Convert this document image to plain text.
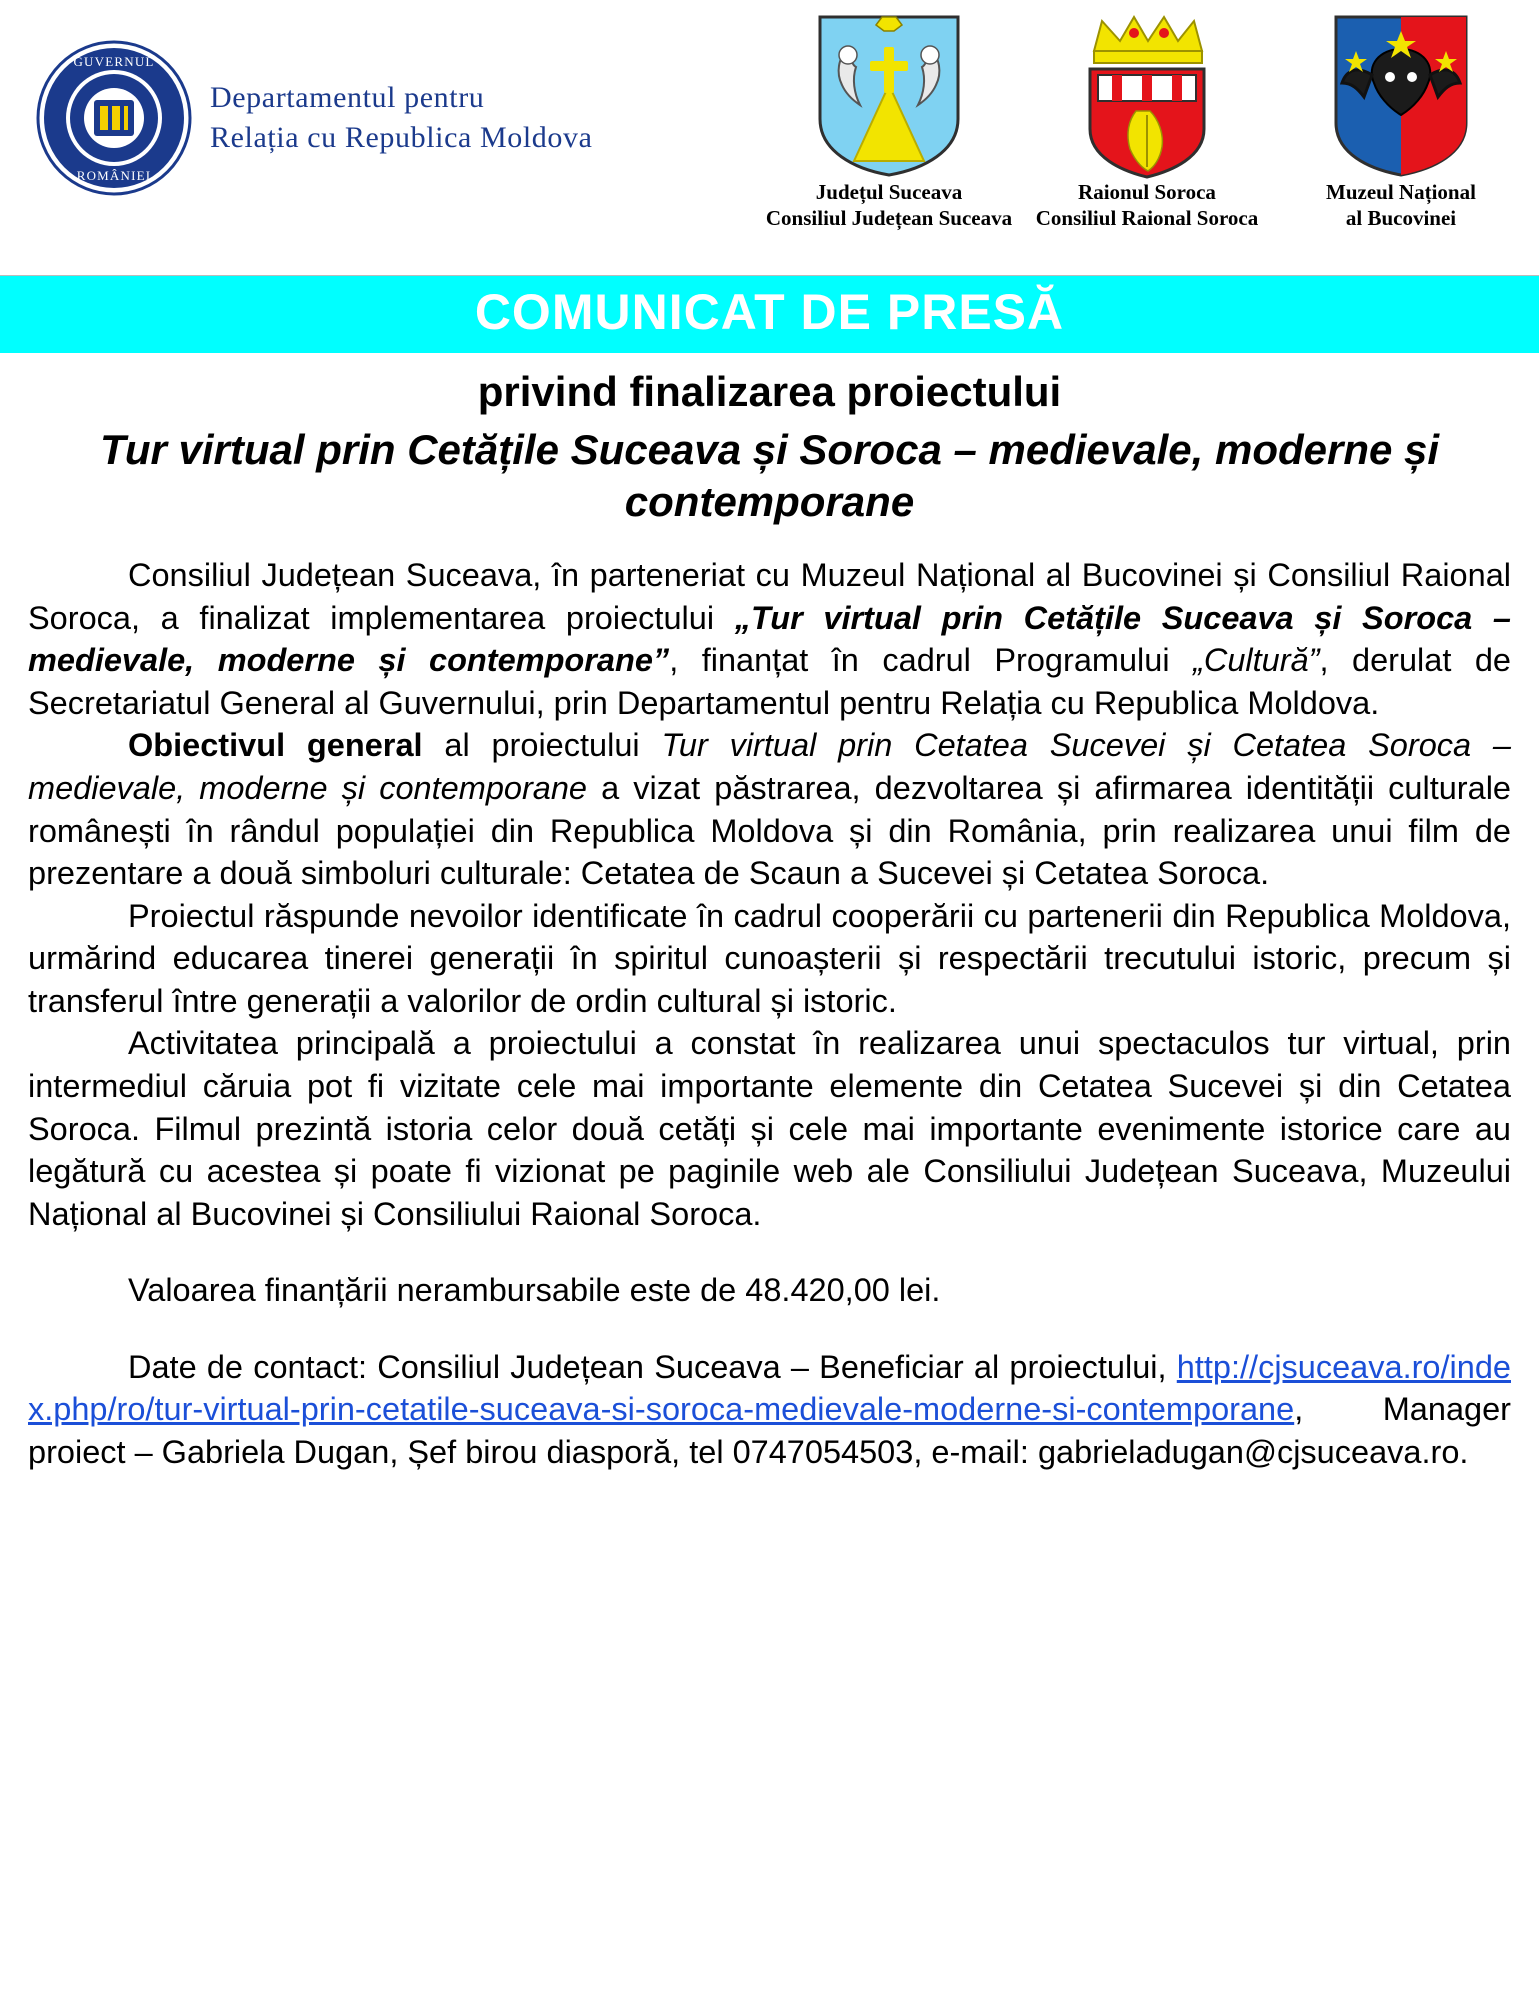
GUVERNUL
ROMÂNIEI
Departamentul pentru
Relația cu Republica Moldova
Județul Suceava
Consiliul Județean Suceava
Raionul Soroca
Consiliul Raional Soroca
Muzeul Național
al Bucovinei
COMUNICAT DE PRESĂ
privind finalizarea proiectului
Tur virtual prin Cetățile Suceava și Soroca – medievale, moderne și contemporane

Consiliul Județean Suceava, în parteneriat cu Muzeul Național al Bucovinei și Consiliul Raional Soroca, a finalizat implementarea proiectului „Tur virtual prin Cetățile Suceava și Soroca – medievale, moderne și contemporane”, finanțat în cadrul Programului „Cultură”, derulat de Secretariatul General al Guvernului, prin Departamentul pentru Relația cu Republica Moldova.

Obiectivul general al proiectului Tur virtual prin Cetatea Sucevei și Cetatea Soroca – medievale, moderne și contemporane a vizat păstrarea, dezvoltarea și afirmarea identității culturale românești în rândul populației din Republica Moldova și din România, prin realizarea unui film de prezentare a două simboluri culturale: Cetatea de Scaun a Sucevei și Cetatea Soroca.

Proiectul răspunde nevoilor identificate în cadrul cooperării cu partenerii din Republica Moldova, urmărind educarea tinerei generații în spiritul cunoașterii și respectării trecutului istoric, precum și transferul între generații a valorilor de ordin cultural și istoric.

Activitatea principală a proiectului a constat în realizarea unui spectaculos tur virtual, prin intermediul căruia pot fi vizitate cele mai importante elemente din Cetatea Sucevei și din Cetatea Soroca. Filmul prezintă istoria celor două cetăți și cele mai importante evenimente istorice care au legătură cu acestea și poate fi vizionat pe paginile web ale Consiliului Județean Suceava, Muzeului Național al Bucovinei și Consiliului Raional Soroca.

Valoarea finanțării nerambursabile este de 48.420,00 lei.

Date de contact: Consiliul Județean Suceava – Beneficiar al proiectului, http://cjsuceava.ro/index.php/ro/tur-virtual-prin-cetatile-suceava-si-soroca-medievale-moderne-si-contemporane, Manager proiect – Gabriela Dugan, Șef birou diasporă, tel 0747054503, e-mail: gabrieladugan@cjsuceava.ro.
